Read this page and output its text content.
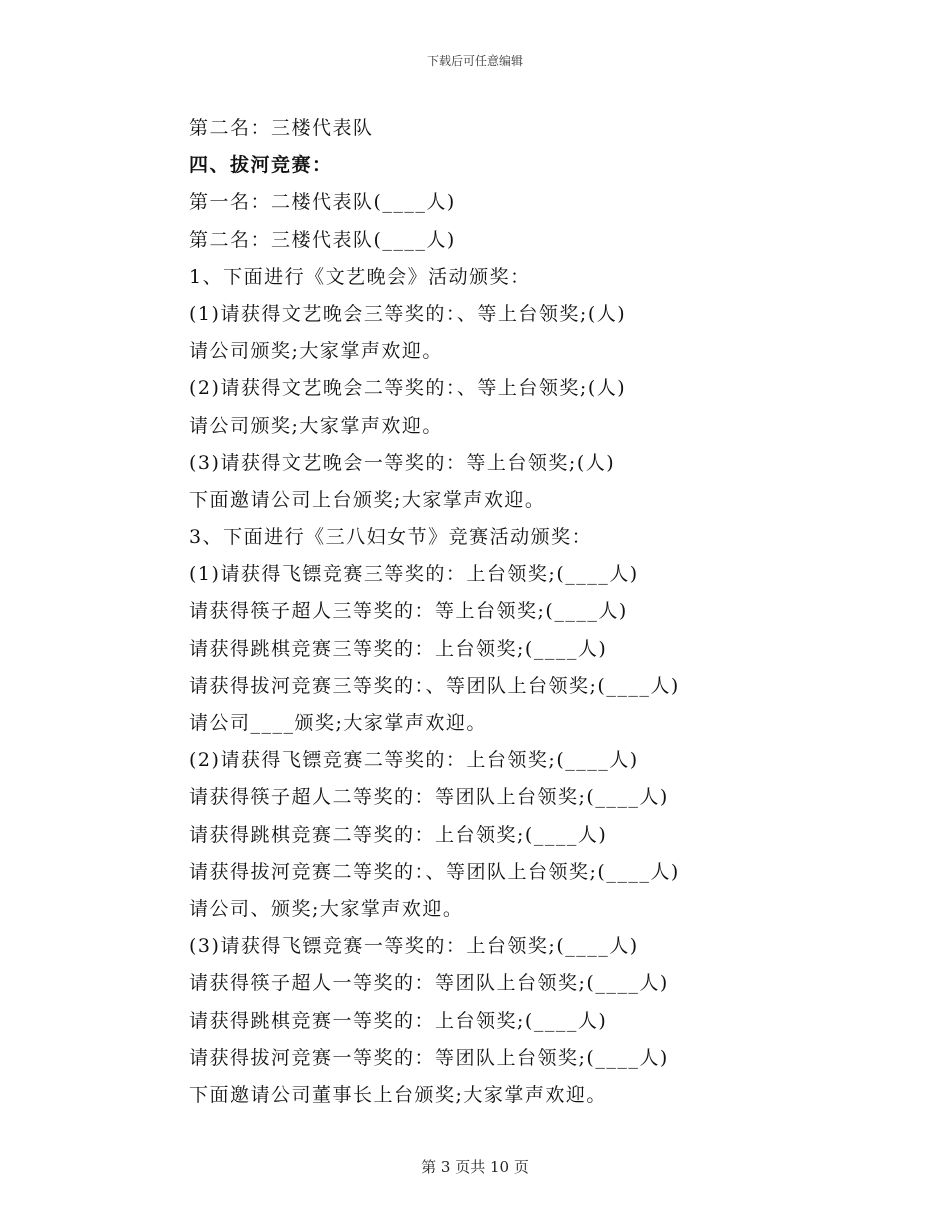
下载后可任意编辑
第二名：三楼代表队
四、拔河竞赛：
第一名：二楼代表队(____人)
第二名：三楼代表队(____人)
1、下面进行《文艺晚会》活动颁奖：
(1)请获得文艺晚会三等奖的：、等上台领奖;(人)
请公司颁奖;大家掌声欢迎。
(2)请获得文艺晚会二等奖的：、等上台领奖;(人)
请公司颁奖;大家掌声欢迎。
(3)请获得文艺晚会一等奖的：等上台领奖;(人)
下面邀请公司上台颁奖;大家掌声欢迎。
3、下面进行《三八妇女节》竞赛活动颁奖：
(1)请获得飞镖竞赛三等奖的：上台领奖;(____人)
请获得筷子超人三等奖的：等上台领奖;(____人)
请获得跳棋竞赛三等奖的：上台领奖;(____人)
请获得拔河竞赛三等奖的：、等团队上台领奖;(____人)
请公司____颁奖;大家掌声欢迎。
(2)请获得飞镖竞赛二等奖的：上台领奖;(____人)
请获得筷子超人二等奖的：等团队上台领奖;(____人)
请获得跳棋竞赛二等奖的：上台领奖;(____人)
请获得拔河竞赛二等奖的：、等团队上台领奖;(____人)
请公司、颁奖;大家掌声欢迎。
(3)请获得飞镖竞赛一等奖的：上台领奖;(____人)
请获得筷子超人一等奖的：等团队上台领奖;(____人)
请获得跳棋竞赛一等奖的：上台领奖;(____人)
请获得拔河竞赛一等奖的：等团队上台领奖;(____人)
下面邀请公司董事长上台颁奖;大家掌声欢迎。
第 3 页共 10 页
